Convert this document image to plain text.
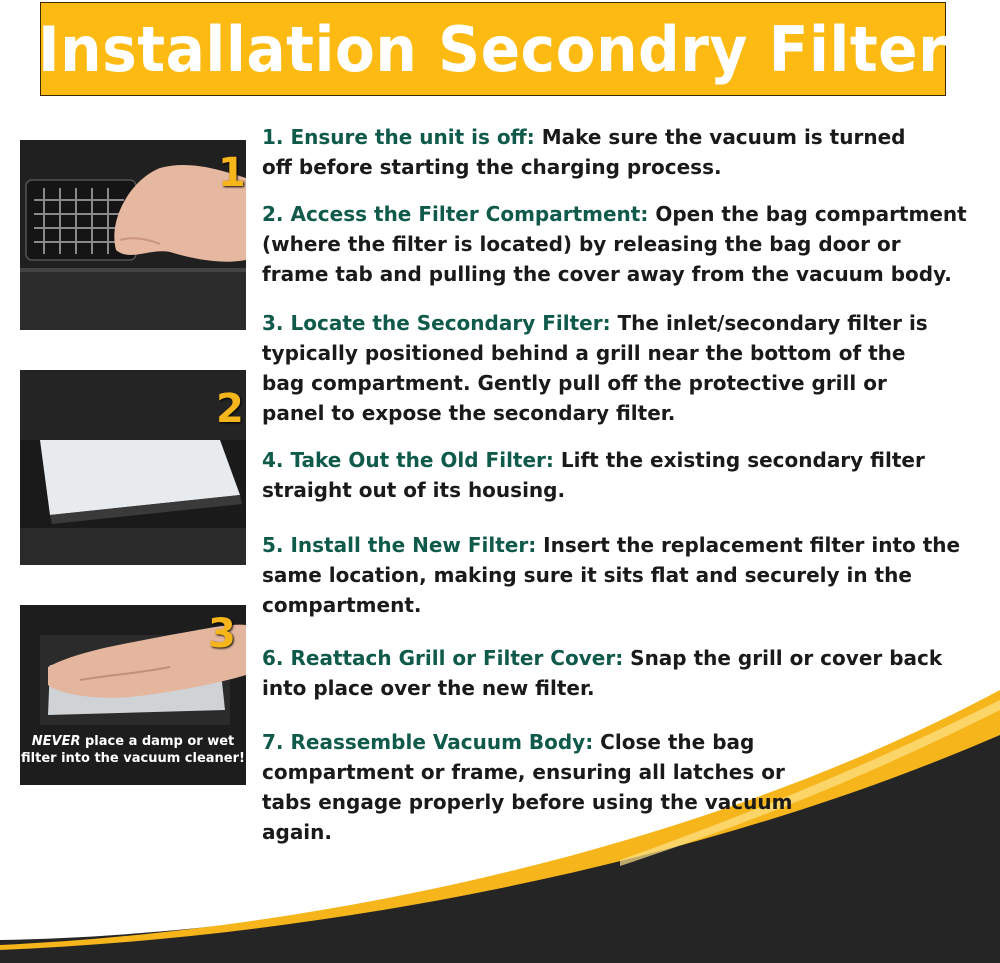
Installation Secondry Filter
1
2
3
NEVER place a damp or wet
filter into the vacuum cleaner!
1. Ensure the unit is off: Make sure the vacuum is turned off before starting the charging process.
2. Access the Filter Compartment: Open the bag compartment (where the filter is located) by releasing the bag door or frame tab and pulling the cover away from the vacuum body.
3. Locate the Secondary Filter: The inlet/secondary filter is typically positioned behind a grill near the bottom of the bag compartment. Gently pull off the protective grill or panel to expose the secondary filter.
4. Take Out the Old Filter: Lift the existing secondary filter straight out of its housing.
5. Install the New Filter: Insert the replacement filter into the same location, making sure it sits flat and securely in the compartment.
6. Reattach Grill or Filter Cover: Snap the grill or cover back into place over the new filter.
7. Reassemble Vacuum Body: Close the bag compartment or frame, ensuring all latches or tabs engage properly before using the vacuum again.
